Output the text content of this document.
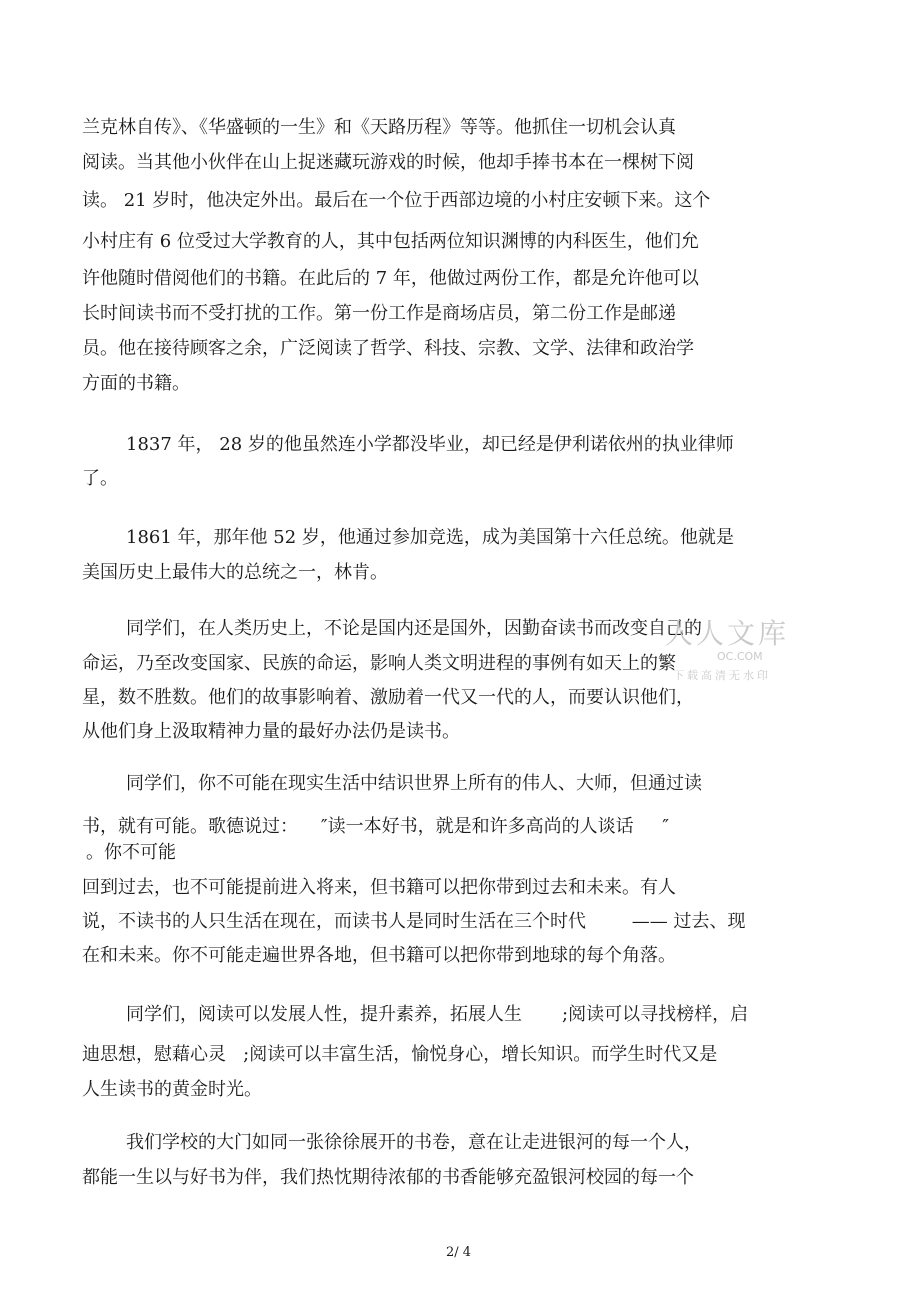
兰克林自传》、《华盛顿的一生》和《天路历程》等等。他抓住一切机会认真

阅读。当其他小伙伴在山上捉迷藏玩游戏的时候，他却手捧书本在一棵树下阅

读。 21 岁时，他决定外出。最后在一个位于西部边境的小村庄安顿下来。这个

小村庄有 6 位受过大学教育的人，其中包括两位知识渊博的内科医生，他们允

许他随时借阅他们的书籍。在此后的 7 年，他做过两份工作，都是允许他可以

长时间读书而不受打扰的工作。第一份工作是商场店员，第二份工作是邮递

员。他在接待顾客之余，广泛阅读了哲学、科技、宗教、文学、法律和政治学

方面的书籍。

1837 年， 28 岁的他虽然连小学都没毕业，却已经是伊利诺依州的执业律师

了。

1861 年，那年他 52 岁，他通过参加竞选，成为美国第十六任总统。他就是

美国历史上最伟大的总统之一，林肯。

同学们，在人类历史上，不论是国内还是国外，因勤奋读书而改变自己的

命运，乃至改变国家、民族的命运，影响人类文明进程的事例有如天上的繁

星，数不胜数。他们的故事影响着、激励着一代又一代的人，而要认识他们，

从他们身上汲取精神力量的最好办法仍是读书。

同学们，你不可能在现实生活中结识世界上所有的伟人、大师，但通过读

书，就有可能。歌德说过：    ″读一本好书，就是和许多高尚的人谈话     ″

。你不可能

回到过去，也不可能提前进入将来，但书籍可以把你带到过去和未来。有人

说，不读书的人只生活在现在，而读书人是同时生活在三个时代        —— 过去、现

在和未来。你不可能走遍世界各地，但书籍可以把你带到地球的每个角落。

同学们，阅读可以发展人性，提升素养，拓展人生       ;阅读可以寻找榜样，启

迪思想，慰藉心灵   ;阅读可以丰富生活，愉悦身心，增长知识。而学生时代又是

人生读书的黄金时光。

我们学校的大门如同一张徐徐展开的书卷，意在让走进银河的每一个人，

都能一生以与好书为伴，我们热忱期待浓郁的书香能够充盈银河校园的每一个

2/ 4
人人文库
OC.COM
下载高清无水印
